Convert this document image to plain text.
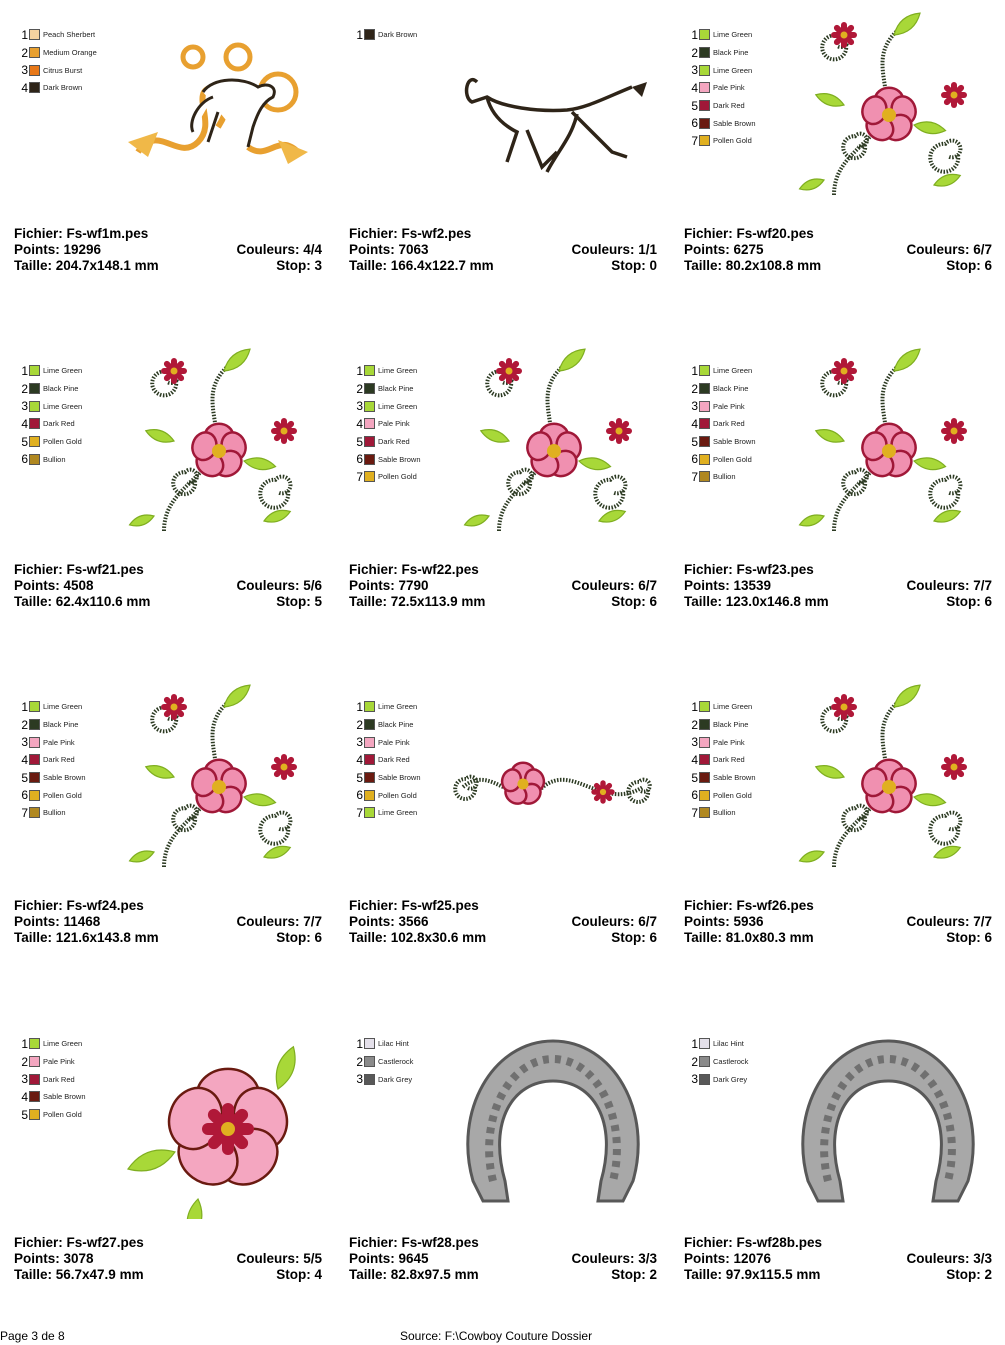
1 Peach Sherbert
2 Medium Orange
3 Citrus Burst
4 Dark Brown
Fichier: Fs-wf1m.pes
Points: 19296	Couleurs: 4/4
Taille: 204.7x148.1 mm	Stop: 3
1 Dark Brown
Fichier: Fs-wf2.pes
Points: 7063	Couleurs: 1/1
Taille: 166.4x122.7 mm	Stop: 0
1 Lime Green
2 Black Pine
3 Lime Green
4 Pale Pink
5 Dark Red
6 Sable Brown
7 Pollen Gold
Fichier: Fs-wf20.pes
Points: 6275	Couleurs: 6/7
Taille: 80.2x108.8 mm	Stop: 6
1 Lime Green
2 Black Pine
3 Lime Green
4 Dark Red
5 Pollen Gold
6 Bullion
Fichier: Fs-wf21.pes
Points: 4508	Couleurs: 5/6
Taille: 62.4x110.6 mm	Stop: 5
1 Lime Green
2 Black Pine
3 Lime Green
4 Pale Pink
5 Dark Red
6 Sable Brown
7 Pollen Gold
Fichier: Fs-wf22.pes
Points: 7790	Couleurs: 6/7
Taille: 72.5x113.9 mm	Stop: 6
1 Lime Green
2 Black Pine
3 Pale Pink
4 Dark Red
5 Sable Brown
6 Pollen Gold
7 Bullion
Fichier: Fs-wf23.pes
Points: 13539	Couleurs: 7/7
Taille: 123.0x146.8 mm	Stop: 6
1 Lime Green
2 Black Pine
3 Pale Pink
4 Dark Red
5 Sable Brown
6 Pollen Gold
7 Bullion
Fichier: Fs-wf24.pes
Points: 11468	Couleurs: 7/7
Taille: 121.6x143.8 mm	Stop: 6
1 Lime Green
2 Black Pine
3 Pale Pink
4 Dark Red
5 Sable Brown
6 Pollen Gold
7 Lime Green
Fichier: Fs-wf25.pes
Points: 3566	Couleurs: 6/7
Taille: 102.8x30.6 mm	Stop: 6
1 Lime Green
2 Black Pine
3 Pale Pink
4 Dark Red
5 Sable Brown
6 Pollen Gold
7 Bullion
Fichier: Fs-wf26.pes
Points: 5936	Couleurs: 7/7
Taille: 81.0x80.3 mm	Stop: 6
1 Lime Green
2 Pale Pink
3 Dark Red
4 Sable Brown
5 Pollen Gold
Fichier: Fs-wf27.pes
Points: 3078	Couleurs: 5/5
Taille: 56.7x47.9 mm	Stop: 4
1 Lilac Hint
2 Castlerock
3 Dark Grey
Fichier: Fs-wf28.pes
Points: 9645	Couleurs: 3/3
Taille: 82.8x97.5 mm	Stop: 2
1 Lilac Hint
2 Castlerock
3 Dark Grey
Fichier: Fs-wf28b.pes
Points: 12076	Couleurs: 3/3
Taille: 97.9x115.5 mm	Stop: 2
Page 3 de 8	Source: F:\Cowboy Couture Dossier
